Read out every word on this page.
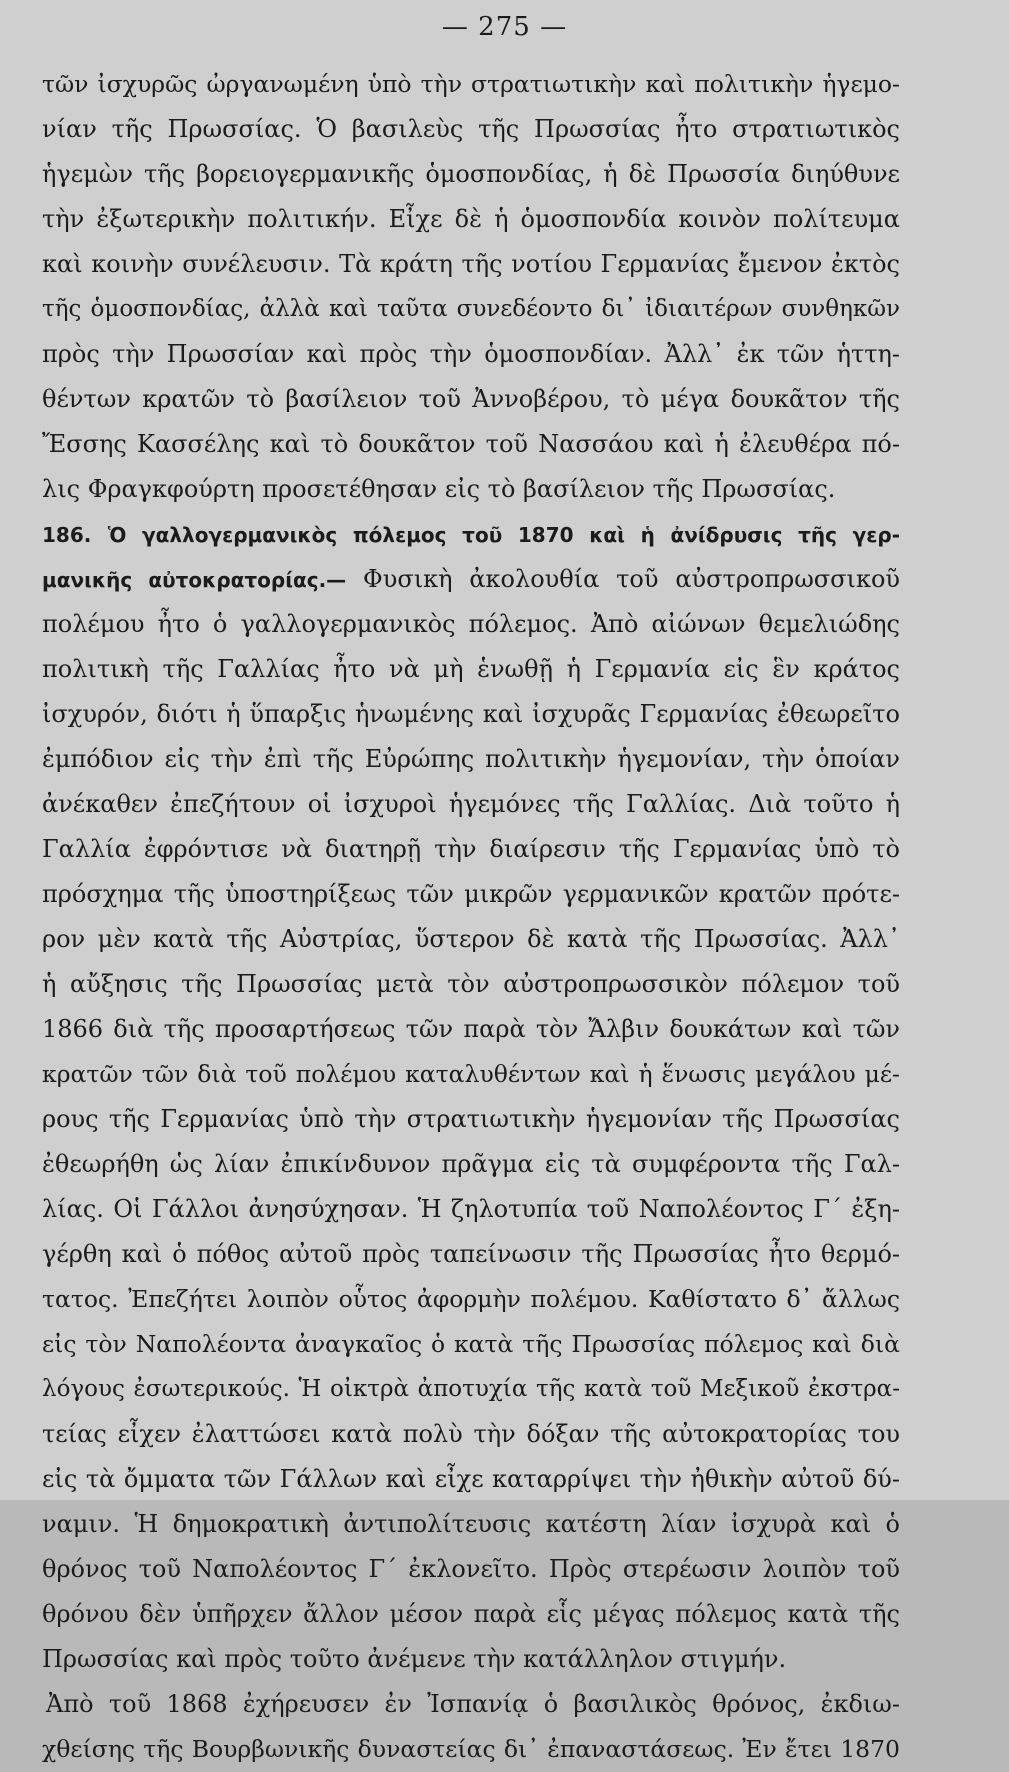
— 275 —
τῶν ἰσχυρῶς ὠργανωμένη ὑπὸ τὴν στρατιωτικὴν καὶ πολιτικὴν ἡγεμο-
νίαν τῆς Πρωσσίας. Ὁ βασιλεὺς τῆς Πρωσσίας ἦτο στρατιωτικὸς
ἡγεμὼν τῆς βορειογερμανικῆς ὁμοσπονδίας, ἡ δὲ Πρωσσία διηύθυνε
τὴν ἐξωτερικὴν πολιτικήν. Εἶχε δὲ ἡ ὁμοσπονδία κοινὸν πολίτευμα
καὶ κοινὴν συνέλευσιν. Τὰ κράτη τῆς νοτίου Γερμανίας ἔμενον ἐκτὸς
τῆς ὁμοσπονδίας, ἀλλὰ καὶ ταῦτα συνεδέοντο δι᾽ ἰδιαιτέρων συνθηκῶν
πρὸς τὴν Πρωσσίαν καὶ πρὸς τὴν ὁμοσπονδίαν. Ἀλλ᾽ ἐκ τῶν ἡττη-
θέντων κρατῶν τὸ βασίλειον τοῦ Ἀννοβέρου, τὸ μέγα δουκᾶτον τῆς
Ἔσσης Κασσέλης καὶ τὸ δουκᾶτον τοῦ Νασσάου καὶ ἡ ἐλευθέρα πό-
λις Φραγκφούρτη προσετέθησαν εἰς τὸ βασίλειον τῆς Πρωσσίας.
186. Ὁ γαλλογερμανικὸς πόλεμος τοῦ 1870 καὶ ἡ ἀνίδρυσις τῆς γερ-
μανικῆς αὐτοκρατορίας.— Φυσικὴ ἀκολουθία τοῦ αὐστροπρωσσικοῦ
πολέμου ἦτο ὁ γαλλογερμανικὸς πόλεμος. Ἀπὸ αἰώνων θεμελιώδης
πολιτικὴ τῆς Γαλλίας ἦτο νὰ μὴ ἑνωθῇ ἡ Γερμανία εἰς ἓν κράτος
ἰσχυρόν, διότι ἡ ὕπαρξις ἡνωμένης καὶ ἰσχυρᾶς Γερμανίας ἐθεωρεῖτο
ἐμπόδιον εἰς τὴν ἐπὶ τῆς Εὐρώπης πολιτικὴν ἡγεμονίαν, τὴν ὁποίαν
ἀνέκαθεν ἐπεζήτουν οἱ ἰσχυροὶ ἡγεμόνες τῆς Γαλλίας. Διὰ τοῦτο ἡ
Γαλλία ἐφρόντισε νὰ διατηρῇ τὴν διαίρεσιν τῆς Γερμανίας ὑπὸ τὸ
πρόσχημα τῆς ὑποστηρίξεως τῶν μικρῶν γερμανικῶν κρατῶν πρότε-
ρον μὲν κατὰ τῆς Αὐστρίας, ὕστερον δὲ κατὰ τῆς Πρωσσίας. Ἀλλ᾽
ἡ αὔξησις τῆς Πρωσσίας μετὰ τὸν αὐστροπρωσσικὸν πόλεμον τοῦ
1866 διὰ τῆς προσαρτήσεως τῶν παρὰ τὸν Ἄλβιν δουκάτων καὶ τῶν
κρατῶν τῶν διὰ τοῦ πολέμου καταλυθέντων καὶ ἡ ἕνωσις μεγάλου μέ-
ρους τῆς Γερμανίας ὑπὸ τὴν στρατιωτικὴν ἡγεμονίαν τῆς Πρωσσίας
ἐθεωρήθη ὡς λίαν ἐπικίνδυνον πρᾶγμα εἰς τὰ συμφέροντα τῆς Γαλ-
λίας. Οἱ Γάλλοι ἀνησύχησαν. Ἡ ζηλοτυπία τοῦ Ναπολέοντος Γ΄ ἐξη-
γέρθη καὶ ὁ πόθος αὐτοῦ πρὸς ταπείνωσιν τῆς Πρωσσίας ἦτο θερμό-
τατος. Ἐπεζήτει λοιπὸν οὗτος ἀφορμὴν πολέμου. Καθίστατο δ᾽ ἄλλως
εἰς τὸν Ναπολέοντα ἀναγκαῖος ὁ κατὰ τῆς Πρωσσίας πόλεμος καὶ διὰ
λόγους ἐσωτερικούς. Ἡ οἰκτρὰ ἀποτυχία τῆς κατὰ τοῦ Μεξικοῦ ἐκστρα-
τείας εἶχεν ἐλαττώσει κατὰ πολὺ τὴν δόξαν τῆς αὐτοκρατορίας του
εἰς τὰ ὄμματα τῶν Γάλλων καὶ εἶχε καταρρίψει τὴν ἠθικὴν αὐτοῦ δύ-
ναμιν. Ἡ δημοκρατικὴ ἀντιπολίτευσις κατέστη λίαν ἰσχυρὰ καὶ ὁ
θρόνος τοῦ Ναπολέοντος Γ΄ ἐκλονεῖτο. Πρὸς στερέωσιν λοιπὸν τοῦ
θρόνου δὲν ὑπῆρχεν ἄλλον μέσον παρὰ εἷς μέγας πόλεμος κατὰ τῆς
Πρωσσίας καὶ πρὸς τοῦτο ἀνέμενε τὴν κατάλληλον στιγμήν.
Ἀπὸ τοῦ 1868 ἐχήρευσεν ἐν Ἰσπανίᾳ ὁ βασιλικὸς θρόνος, ἐκδιω-
χθείσης τῆς Βουρβωνικῆς δυναστείας δι᾽ ἐπαναστάσεως. Ἐν ἔτει 1870
